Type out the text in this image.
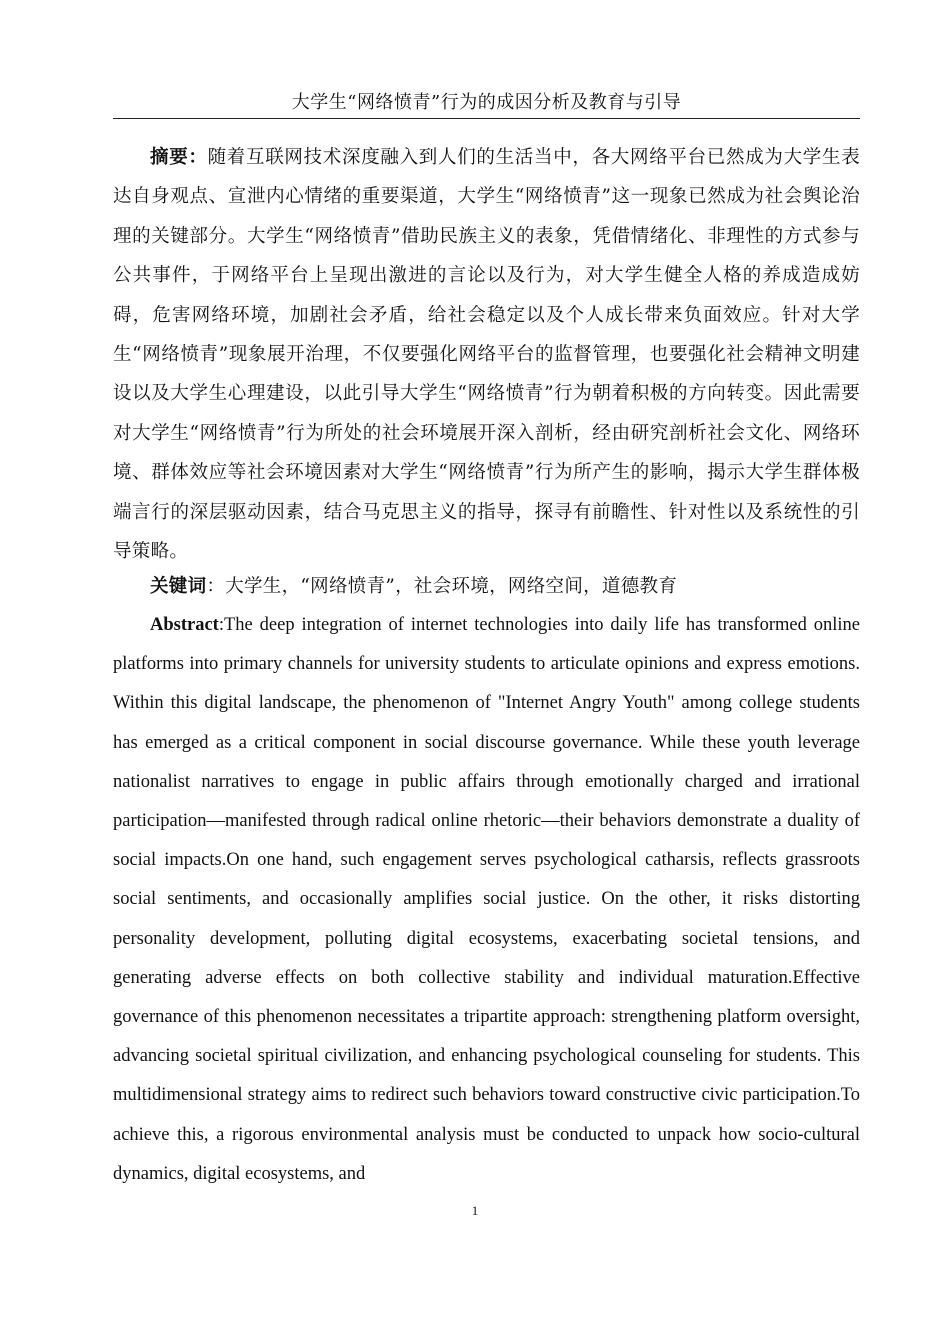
大学生“网络愤青”行为的成因分析及教育与引导

摘要：随着互联网技术深度融入到人们的生活当中，各大网络平台已然成为大学生表达自身观点、宣泄内心情绪的重要渠道，大学生“网络愤青”这一现象已然成为社会舆论治理的关键部分。大学生“网络愤青”借助民族主义的表象，凭借情绪化、非理性的方式参与公共事件，于网络平台上呈现出激进的言论以及行为，对大学生健全人格的养成造成妨碍，危害网络环境，加剧社会矛盾，给社会稳定以及个人成长带来负面效应。针对大学生“网络愤青”现象展开治理，不仅要强化网络平台的监督管理，也要强化社会精神文明建设以及大学生心理建设，以此引导大学生“网络愤青”行为朝着积极的方向转变。因此需要对大学生“网络愤青”行为所处的社会环境展开深入剖析，经由研究剖析社会文化、网络环境、群体效应等社会环境因素对大学生“网络愤青”行为所产生的影响，揭示大学生群体极端言行的深层驱动因素，结合马克思主义的指导，探寻有前瞻性、针对性以及系统性的引导策略。

关键词：大学生，“网络愤青”，社会环境，网络空间，道德教育

Abstract:The deep integration of internet technologies into daily life has transformed online platforms into primary channels for university students to articulate opinions and express emotions. Within this digital landscape, the phenomenon of "Internet Angry Youth" among college students has emerged as a critical component in social discourse governance. While these youth leverage nationalist narratives to engage in public affairs through emotionally charged and irrational participation—manifested through radical online rhetoric—their behaviors demonstrate a duality of social impacts.On one hand, such engagement serves psychological catharsis, reflects grassroots social sentiments, and occasionally amplifies social justice. On the other, it risks distorting personality development, polluting digital ecosystems, exacerbating societal tensions, and generating adverse effects on both collective stability and individual maturation.Effective governance of this phenomenon necessitates a tripartite approach: strengthening platform oversight, advancing societal spiritual civilization, and enhancing psychological counseling for students. This multidimensional strategy aims to redirect such behaviors toward constructive civic participation.To achieve this, a rigorous environmental analysis must be conducted to unpack how socio-cultural dynamics, digital ecosystems, and

1
